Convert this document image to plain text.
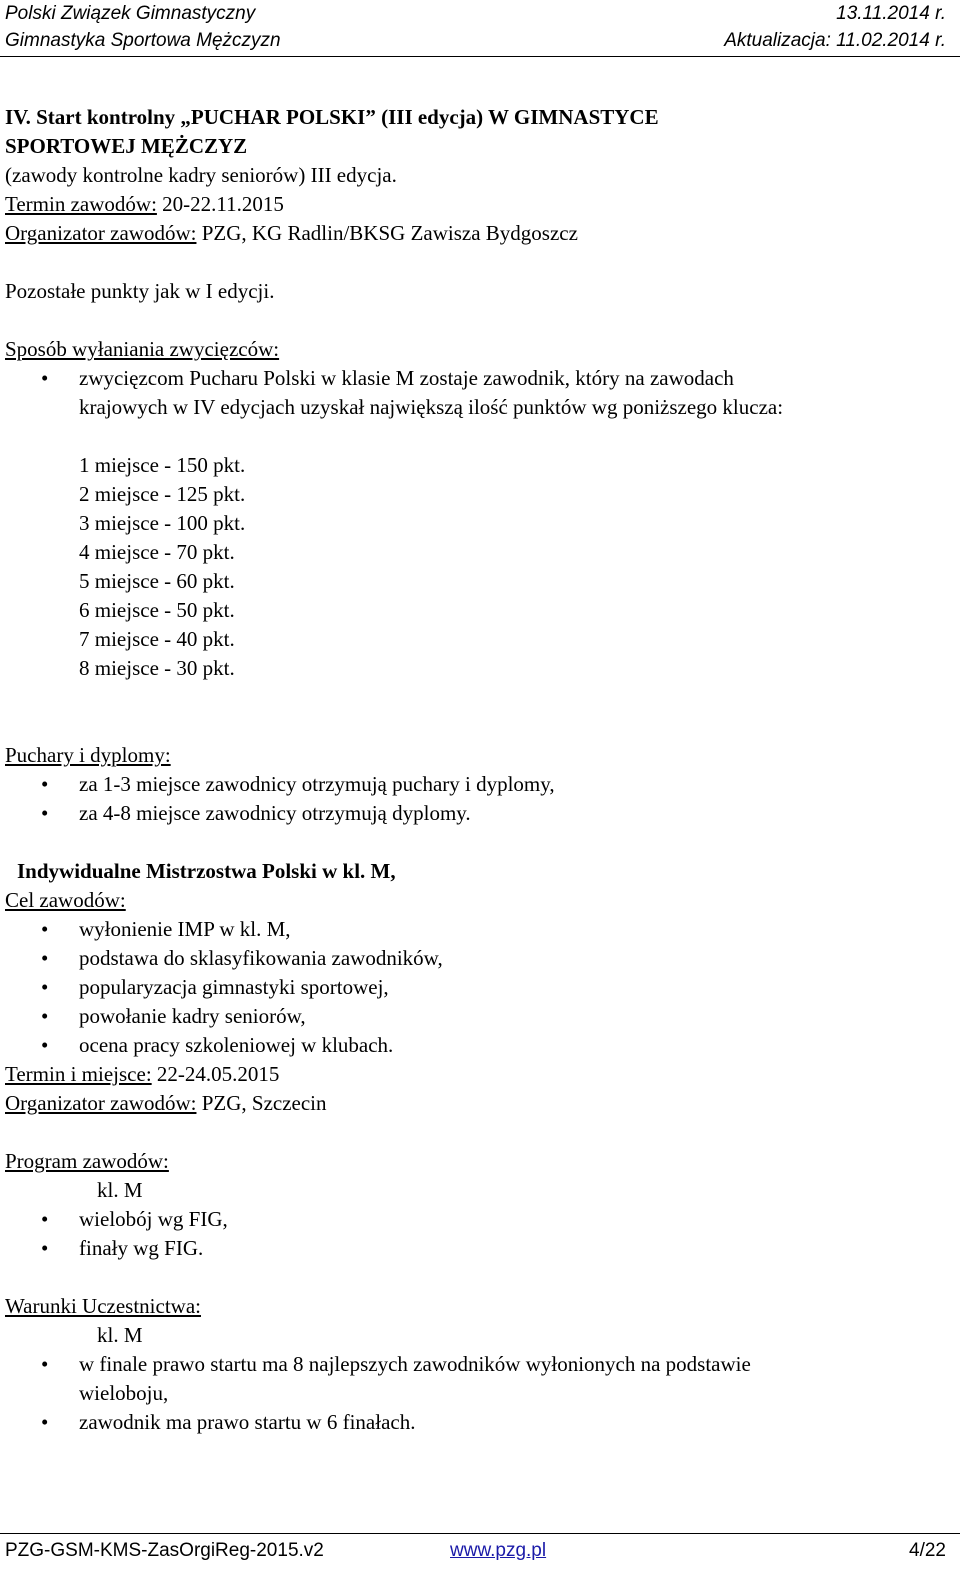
Polski Związek Gimnastyczny	13.11.2014 r.
Gimnastyka Sportowa Mężczyzn	Aktualizacja: 11.02.2014 r.
IV. Start kontrolny „PUCHAR POLSKI” (III edycja) W GIMNASTYCE
SPORTOWEJ MĘŻCZYZ
(zawody kontrolne kadry seniorów) III edycja.
Termin zawodów: 20-22.11.2015
Organizator zawodów: PZG, KG Radlin/BKSG Zawisza Bydgoszcz
Pozostałe punkty jak w I edycji.
Sposób wyłaniania zwycięzców:
• zwycięzcom Pucharu Polski w klasie M zostaje zawodnik, który na zawodach
krajowych w IV edycjach uzyskał największą ilość punktów wg poniższego klucza:
1 miejsce - 150 pkt.
2 miejsce - 125 pkt.
3 miejsce - 100 pkt.
4 miejsce - 70 pkt.
5 miejsce - 60 pkt.
6 miejsce - 50 pkt.
7 miejsce - 40 pkt.
8 miejsce - 30 pkt.
Puchary i dyplomy:
• za 1-3 miejsce zawodnicy otrzymują puchary i dyplomy,
• za 4-8 miejsce zawodnicy otrzymują dyplomy.
Indywidualne Mistrzostwa Polski w kl. M,
Cel zawodów:
• wyłonienie IMP w kl. M,
• podstawa do sklasyfikowania zawodników,
• popularyzacja gimnastyki sportowej,
• powołanie kadry seniorów,
• ocena pracy szkoleniowej w klubach.
Termin i miejsce: 22-24.05.2015
Organizator zawodów: PZG, Szczecin
Program zawodów:
kl. M
• wielobój wg FIG,
• finały wg FIG.
Warunki Uczestnictwa:
kl. M
• w finale prawo startu ma 8 najlepszych zawodników wyłonionych na podstawie
wieloboju,
• zawodnik ma prawo startu w 6 finałach.
PZG-GSM-KMS-ZasOrgiReg-2015.v2	www.pzg.pl	4/22
